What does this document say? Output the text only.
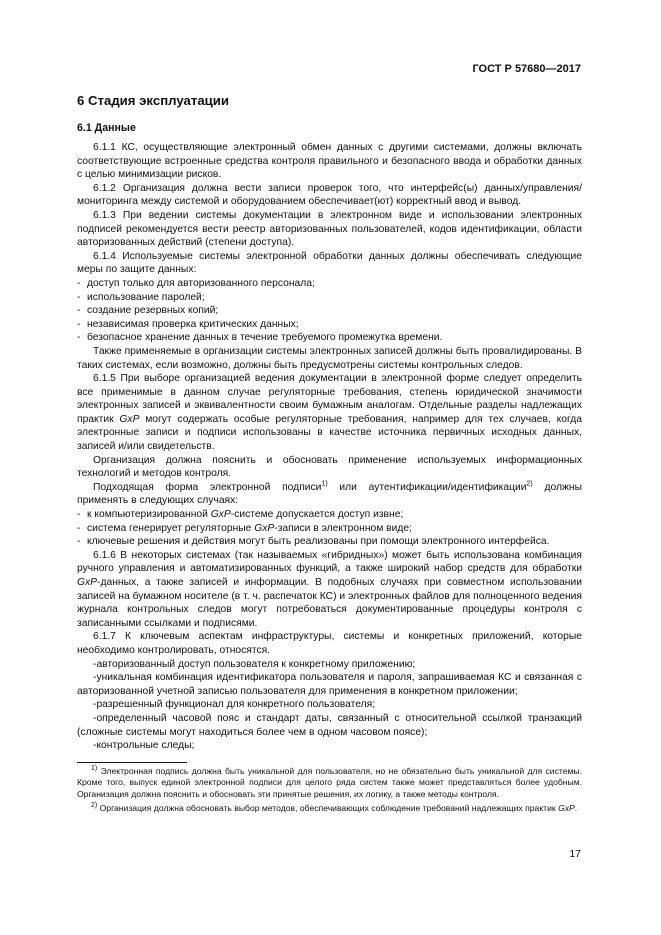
ГОСТ Р 57680—2017
6 Стадия эксплуатации
6.1 Данные

6.1.1 КС, осуществляющие электронный обмен данных с другими системами, должны включать соответствующие встроенные средства контроля правильного и безопасного ввода и обработки данных с целью минимизации рисков.

6.1.2 Организация должна вести записи проверок того, что интерфейс(ы) данных/управления/мониторинга между системой и оборудованием обеспечивает(ют) корректный ввод и вывод.

6.1.3 При ведении системы документации в электронном виде и использовании электронных подписей рекомендуется вести реестр авторизованных пользователей, кодов идентификации, области авторизованных действий (степени доступа).

6.1.4 Используемые системы электронной обработки данных должны обеспечивать следующие меры по защите данных:

- доступ только для авторизованного персонала;

- использование паролей;

- создание резервных копий;

- независимая проверка критических данных;

- безопасное хранение данных в течение требуемого промежутка времени.

Также применяемые в организации системы электронных записей должны быть провалидированы. В таких системах, если возможно, должны быть предусмотрены системы контрольных следов.

6.1.5 При выборе организацией ведения документации в электронной форме следует определить все применимые в данном случае регуляторные требования, степень юридической значимости электронных записей и эквивалентности своим бумажным аналогам. Отдельные разделы надлежащих практик GxP могут содержать особые регуляторные требования, например для тех случаев, когда электронные записи и подписи использованы в качестве источника первичных исходных данных, записей и/или свидетельств.

Организация должна пояснить и обосновать применение используемых информационных технологий и методов контроля.

Подходящая форма электронной подписи$^{1)}$ или аутентификации/идентификации$^{2)}$ должны применять в следующих случаях:

- к компьютеризированной GxP-системе допускается доступ извне;

- система генерирует регуляторные GxP-записи в электронном виде;

- ключевые решения и действия могут быть реализованы при помощи электронного интерфейса.

6.1.6 В некоторых системах (так называемых «гибридных») может быть использована комбинация ручного управления и автоматизированных функций, а также широкий набор средств для обработки GxP-данных, а также записей и информации. В подобных случаях при совместном использовании записей на бумажном носителе (в т. ч. распечаток КС) и электронных файлов для полноценного ведения журнала контрольных следов могут потребоваться документированные процедуры контроля с записанными ссылками и подписями.

6.1.7 К ключевым аспектам инфраструктуры, системы и конкретных приложений, которые необходимо контролировать, относятся.

-авторизованный доступ пользователя к конкретному приложению;

-уникальная комбинация идентификатора пользователя и пароля, запрашиваемая КС и связанная с авторизованной учетной записью пользователя для применения в конкретном приложении;

-разрешенный функционал для конкретного пользователя;

-определенный часовой пояс и стандарт даты, связанный с относительной ссылкой транзакций (сложные системы могут находиться более чем в одном часовом поясе);

-контрольные следы;

$^{1)}$ Электронная подпись должна быть уникальной для пользователя, но не обязательно быть уникальной для системы. Кроме того, выпуск единой электронной подписи для целого ряда систем также может представляться более удобным. Организация должна пояснить и обосновать эти принятые решения, их логику, а также методы контроля.

$^{2)}$ Организация должна обосновать выбор методов, обеспечивающих соблюдение требований надлежащих практик GxP.

17
